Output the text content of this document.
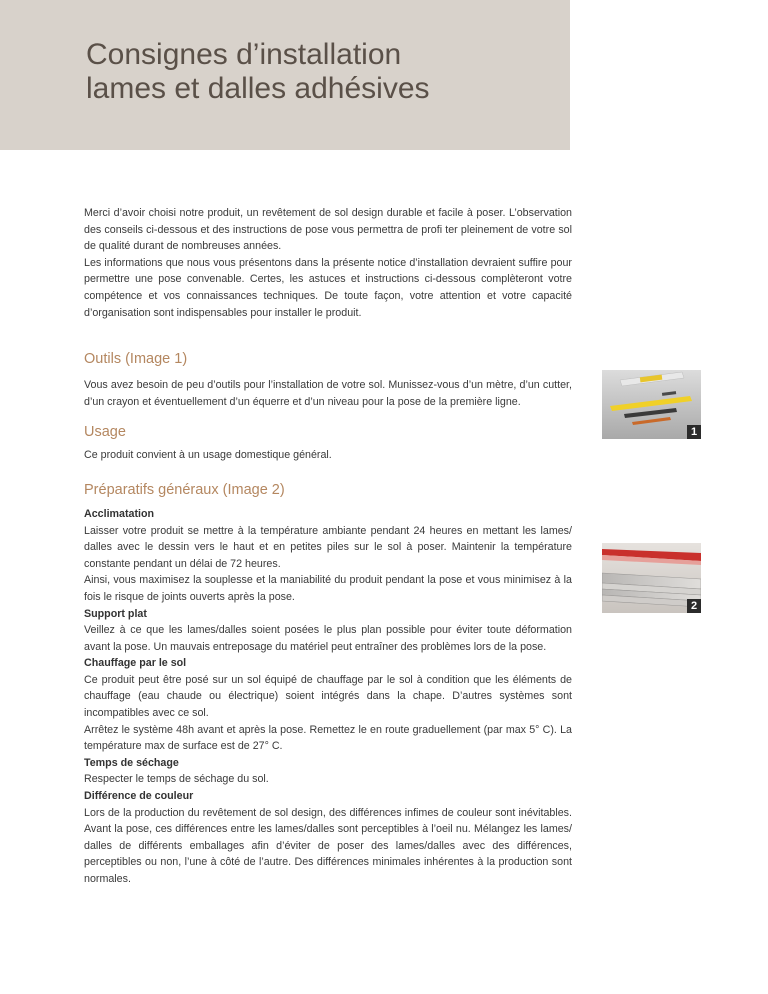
Consignes d’installation
lames et dalles adhésives

Merci d’avoir choisi notre produit, un revêtement de sol design durable et facile à poser. L’observation des conseils ci-dessous et des instructions de pose vous permettra de profi ter pleinement de votre sol de qualité durant de nombreuses années.

Les informations que nous vous présentons dans la présente notice d’installation devraient suffire pour permettre une pose convenable. Certes, les astuces et instructions ci-dessous complèteront votre compétence et vos connaissances techniques. De toute façon, votre attention et votre capacité d’organisation sont indispensables pour installer le produit.

Outils (Image 1)

Vous avez besoin de peu d’outils pour l’installation de votre sol. Munissez-vous d’un mètre, d’un cutter, d’un crayon et éventuellement d’un équerre et d’un niveau pour la pose de la première ligne.

Usage

Ce produit convient à un usage domestique général.

Préparatifs généraux (Image 2)

Acclimatation

Laisser votre produit se mettre à la température ambiante pendant 24 heures en mettant les lames/ dalles avec le dessin vers le haut et en petites piles sur le sol à poser. Maintenir la température constante pendant un délai de 72 heures.

Ainsi, vous maximisez la souplesse et la maniabilité du produit pendant la pose et vous minimisez à la fois le risque de joints ouverts après la pose.

Support plat

Veillez à ce que les lames/dalles soient posées le plus plan possible pour éviter toute déformation avant la pose. Un mauvais entreposage du matériel peut entraîner des problèmes lors de la pose.

Chauffage par le sol

Ce produit peut être posé sur un sol équipé de chauffage par le sol à condition que les éléments de chauffage (eau chaude ou électrique) soient intégrés dans la chape. D’autres systèmes sont incompatibles avec ce sol.

Arrêtez le système 48h avant et après la pose. Remettez le en route graduellement (par max 5° C). La température max de surface est de 27° C.

Temps de séchage

Respecter le temps de séchage du sol.

Différence de couleur

Lors de la production du revêtement de sol design, des différences infimes de couleur sont inévitables. Avant la pose, ces différences entre les lames/dalles sont perceptibles à l’oeil nu. Mélangez les lames/ dalles de différents emballages afin d’éviter de poser des lames/dalles avec des différences, perceptibles ou non, l’une à côté de l’autre. Des différences minimales inhérentes à la production sont normales.

1
2
